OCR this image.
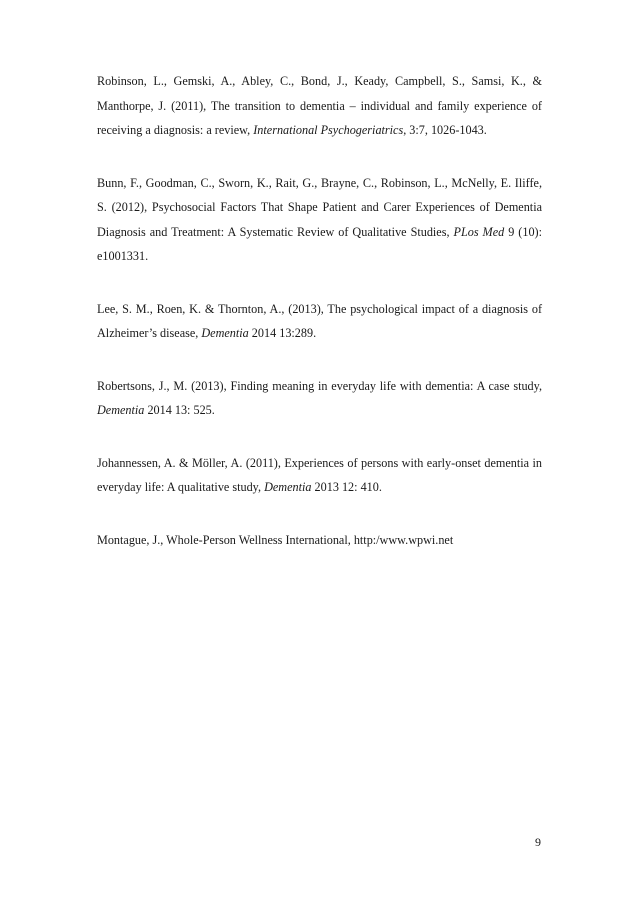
Robinson, L., Gemski, A., Abley, C., Bond, J., Keady, Campbell, S., Samsi, K., & Manthorpe, J. (2011), The transition to dementia – individual and family experience of receiving a diagnosis: a review, International Psychogeriatrics, 3:7, 1026-1043.

Bunn, F., Goodman, C., Sworn, K., Rait, G., Brayne, C., Robinson, L., McNelly, E. Iliffe, S. (2012), Psychosocial Factors That Shape Patient and Carer Experiences of Dementia Diagnosis and Treatment: A Systematic Review of Qualitative Studies, PLos Med 9 (10): e1001331.

Lee, S. M., Roen, K. & Thornton, A., (2013), The psychological impact of a diagnosis of Alzheimer’s disease, Dementia 2014 13:289.

Robertsons, J., M. (2013), Finding meaning in everyday life with dementia: A case study, Dementia 2014 13: 525.

Johannessen, A. & Möller, A. (2011), Experiences of persons with early-onset dementia in everyday life: A qualitative study, Dementia 2013 12: 410.

Montague, J., Whole-Person Wellness International, http:/www.wpwi.net

9
